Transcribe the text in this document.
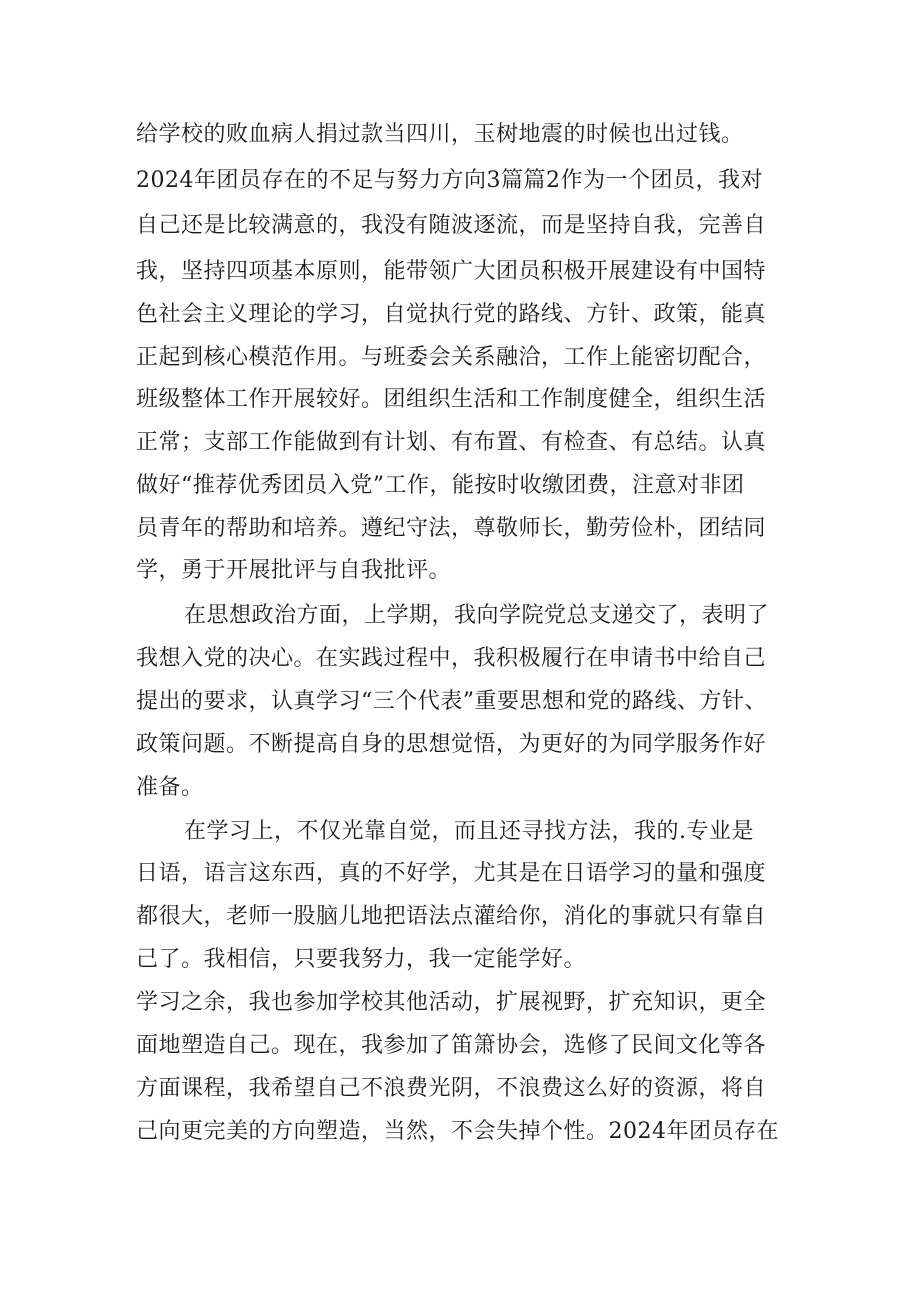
给学校的败血病人捐过款当四川，玉树地震的时候也出过钱。
2024年团员存在的不足与努力方向3篇篇2作为一个团员，我对
自己还是比较满意的，我没有随波逐流，而是坚持自我，完善自
我，坚持四项基本原则，能带领广大团员积极开展建设有中国特
色社会主义理论的学习，自觉执行党的路线、方针、政策，能真
正起到核心模范作用。与班委会关系融洽，工作上能密切配合，
班级整体工作开展较好。团组织生活和工作制度健全，组织生活
正常；支部工作能做到有计划、有布置、有检查、有总结。认真
做好“推荐优秀团员入党”工作，能按时收缴团费，注意对非团
员青年的帮助和培养。遵纪守法，尊敬师长，勤劳俭朴，团结同
学，勇于开展批评与自我批评。
在思想政治方面，上学期，我向学院党总支递交了，表明了
我想入党的决心。在实践过程中，我积极履行在申请书中给自己
提出的要求，认真学习“三个代表”重要思想和党的路线、方针、
政策问题。不断提高自身的思想觉悟，为更好的为同学服务作好
准备。
在学习上，不仅光靠自觉，而且还寻找方法，我的.专业是
日语，语言这东西，真的不好学，尤其是在日语学习的量和强度
都很大，老师一股脑儿地把语法点灌给你，消化的事就只有靠自
己了。我相信，只要我努力，我一定能学好。
学习之余，我也参加学校其他活动，扩展视野，扩充知识，更全
面地塑造自己。现在，我参加了笛箫协会，选修了民间文化等各
方面课程，我希望自己不浪费光阴，不浪费这么好的资源，将自
己向更完美的方向塑造，当然，不会失掉个性。2024年团员存在
